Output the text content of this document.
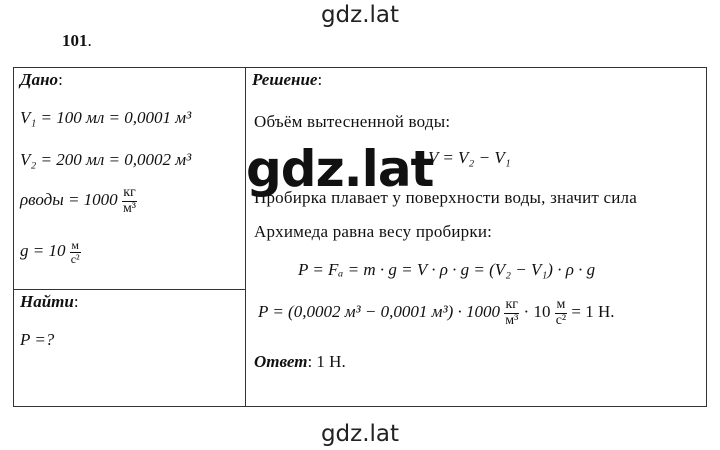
gdz.lat
101.
Дано:
V₁ = 100 мл = 0,0001 м³
V₂ = 200 мл = 0,0002 м³
ρводы = $1000 \frac{кг}{\text{м³}}$
$g = 10 \frac{м}{\text{с²}}$

Решение:
Объём вытесненной воды:
V = V₂ − V₁
Пробирка плавает у поверхности воды, значит сила
Архимеда равна весу пробирки:
P = Fₐ = m · g = V · ρ · g = (V₂ − V₁) · ρ · g
P = (0,0002 м³ − 0,0001 $м^3) \cdot 1000 \frac{кг}{\text{м³}} \cdot 10 \frac{м}{\text{с²}} = 1$ Н.
Ответ: 1 Н.

Найти:
P =?
gdz.lat
gdz.lat
